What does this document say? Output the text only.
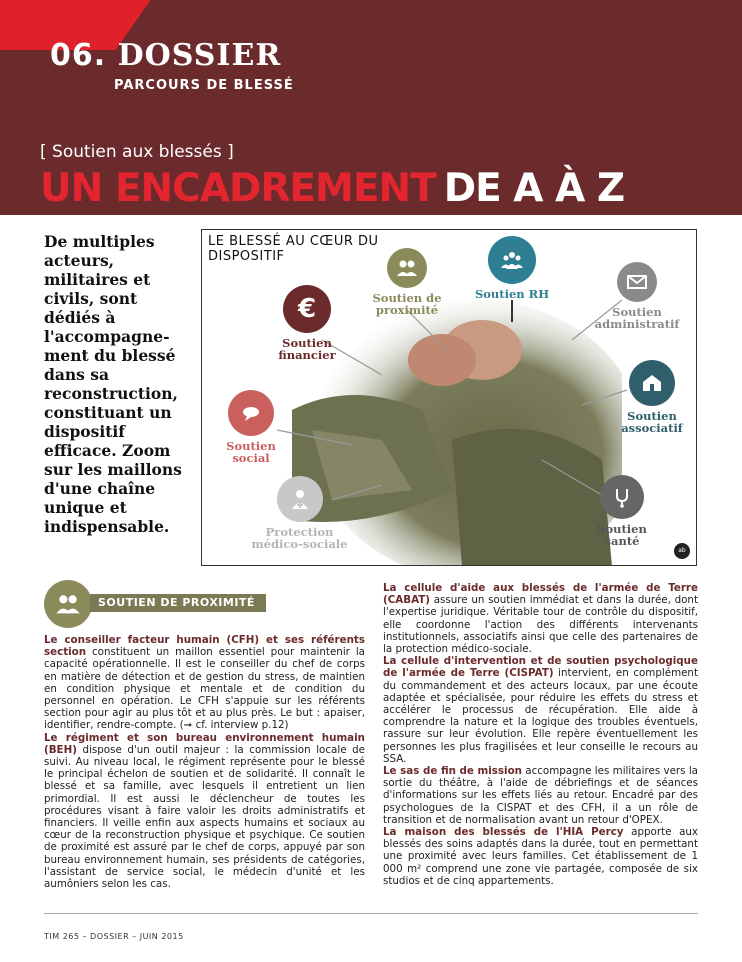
06. DOSSIER
PARCOURS DE BLESSÉ
[ Soutien aux blessés ]
UN ENCADREMENT DE A À Z
De multiples acteurs, militaires et civils, sont dédiés à l'accompagne-ment du blessé dans sa reconstruction, constituant un dispositif efficace. Zoom sur les maillons d'une chaîne unique et indispensable.
LE BLESSÉ AU CŒUR DU DISPOSITIF
Soutien de proximité
Soutien RH
Soutien administratif
€
Soutien financier
Soutien associatif
Soutien social
Soutien santé
Protection médico-sociale	ab
SOUTIEN DE PROXIMITÉ

Le conseiller facteur humain (CFH) et ses référents section constituent un maillon essentiel pour maintenir la capacité opérationnelle. Il est le conseiller du chef de corps en matière de détection et de gestion du stress, de maintien en condition physique et mentale et de condition du personnel en opération. Le CFH s'appuie sur les référents section pour agir au plus tôt et au plus près. Le but : apaiser, identifier, rendre-compte. (➞ cf. interview p.12)

Le régiment et son bureau environnement humain (BEH) dispose d'un outil majeur : la commission locale de suivi. Au niveau local, le régiment représente pour le blessé le principal échelon de soutien et de solidarité. Il connaît le blessé et sa famille, avec lesquels il entretient un lien primordial. Il est aussi le déclencheur de toutes les procédures visant à faire valoir les droits administratifs et financiers. Il veille enfin aux aspects humains et sociaux au cœur de la reconstruction physique et psychique. Ce soutien de proximité est assuré par le chef de corps, appuyé par son bureau environnement humain, ses présidents de catégories, l'assistant de service social, le médecin d'unité et les aumôniers selon les cas.

La cellule d'aide aux blessés de l'armée de Terre (CABAT) assure un soutien immédiat et dans la durée, dont l'expertise juridique. Véritable tour de contrôle du dispositif, elle coordonne l'action des différents intervenants institutionnels, associatifs ainsi que celle des partenaires de la protection médico-sociale.

La cellule d'intervention et de soutien psychologique de l'armée de Terre (CISPAT) intervient, en complément du commandement et des acteurs locaux, par une écoute adaptée et spécialisée, pour réduire les effets du stress et accélérer le processus de récupération. Elle aide à comprendre la nature et la logique des troubles éventuels, rassure sur leur évolution. Elle repère éventuellement les personnes les plus fragilisées et leur conseille le recours au SSA.

Le sas de fin de mission accompagne les militaires vers la sortie du théâtre, à l'aide de débriefings et de séances d'informations sur les effets liés au retour. Encadré par des psychologues de la CISPAT et des CFH, il a un rôle de transition et de normalisation avant un retour d'OPEX.

La maison des blessés de l'HIA Percy apporte aux blessés des soins adaptés dans la durée, tout en permettant une proximité avec leurs familles. Cet établissement de 1 000 m² comprend une zone vie partagée, composée de six studios et de cinq appartements.

TIM 265 – DOSSIER – JUIN 2015
